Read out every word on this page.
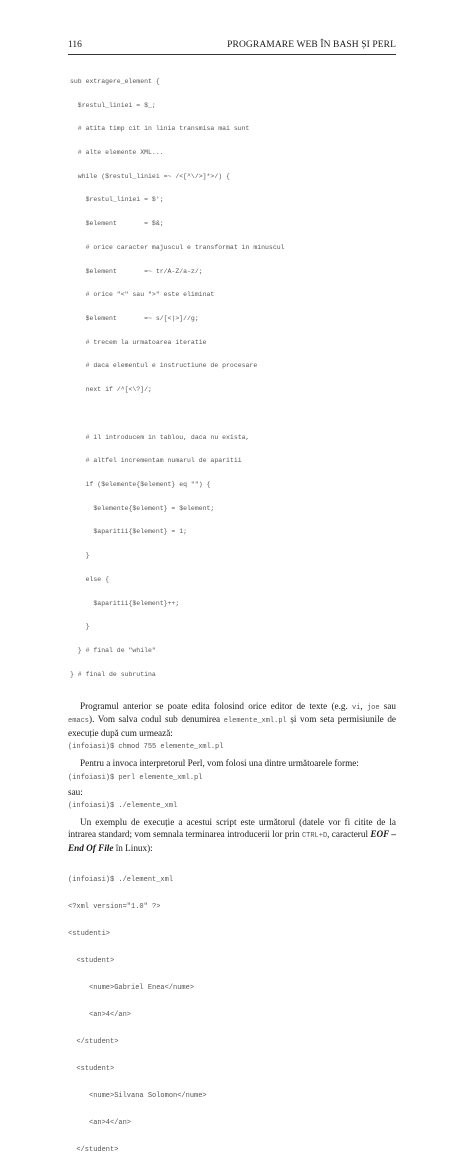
116	PROGRAMARE WEB ÎN BASH ȘI PERL

sub extragere_element {

$restul_liniei = $_;

# atita timp cit in linia transmisa mai sunt

# alte elemente XML...

while ($restul_liniei =~ /<[^\/>]*>/) {

$restul_liniei = $';

$element       = $&;

# orice caracter majuscul e transformat in minuscul

$element       =~ tr/A-Z/a-z/;

# orice "<" sau ">" este eliminat

$element       =~ s/[<|>]//g;

# trecem la urmatoarea iteratie

# daca elementul e instructiune de procesare

next if /^[<\?]/;

# il introducem in tablou, daca nu exista,

# altfel incrementam numarul de aparitii

if ($elemente{$element} eq "") {

$elemente{$element} = $element;

$aparitii{$element} = 1;

}

else {

$aparitii{$element}++;

}

} # final de "while"

} # final de subrutina

Programul anterior se poate edita folosind orice editor de texte (e.g. vi, joe sau emacs). Vom salva codul sub denumirea elemente_xml.pl și vom seta permisiunile de execuție după cum urmează:

(infoiasi)$ chmod 755 elemente_xml.pl

Pentru a invoca interpretorul Perl, vom folosi una dintre următoarele forme:

(infoiasi)$ perl elemente_xml.pl

sau:

(infoiasi)$ ./elemente_xml

Un exemplu de execuție a acestui script este următorul (datele vor fi citite de la intrarea standard; vom semnala terminarea introducerii lor prin CTRL+D, caracterul EOF – End Of File în Linux):

(infoiasi)$ ./element_xml

<?xml version="1.0" ?>

<studenti>

<student>

<nume>Gabriel Enea</nume>

<an>4</an>

</student>

<student>

<nume>Silvana Solomon</nume>

<an>4</an>

</student>
